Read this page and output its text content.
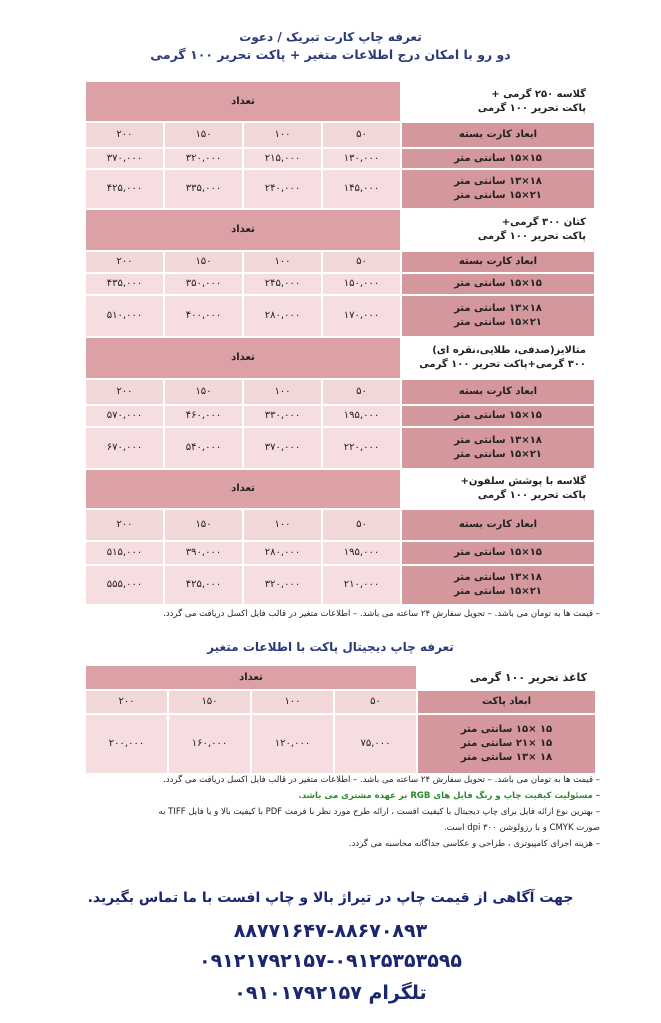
تعرفه چاپ کارت تبریک / دعوت
دو رو با امکان درج اطلاعات متغیر + پاکت تحریر ۱۰۰ گرمی
گلاسه ۲۵۰ گرمی +
پاکت تحریر ۱۰۰ گرمی	تعداد			
ابعاد کارت بسته	۵۰	۱۰۰	۱۵۰	۲۰۰
۱۵×۱۵ سانتی متر	۱۳۰,۰۰۰	۲۱۵,۰۰۰	۳۲۰,۰۰۰	۳۷۰,۰۰۰

۱۸×۱۳ سانتی متر
۲۱×۱۵ سانتی متر	۱۴۵,۰۰۰	۲۴۰,۰۰۰	۳۳۵,۰۰۰	۴۲۵,۰۰۰
کتان ۳۰۰ گرمی+
پاکت تحریر ۱۰۰ گرمی	تعداد			
ابعاد کارت بسته	۵۰	۱۰۰	۱۵۰	۲۰۰
۱۵×۱۵ سانتی متر	۱۵۰,۰۰۰	۲۴۵,۰۰۰	۳۵۰,۰۰۰	۴۳۵,۰۰۰

۱۸×۱۳ سانتی متر
۲۱×۱۵ سانتی متر	۱۷۰,۰۰۰	۲۸۰,۰۰۰	۴۰۰,۰۰۰	۵۱۰,۰۰۰
متالایز(صدفی، طلایی،نقره ای)
۳۰۰ گرمی+پاکت تحریر ۱۰۰ گرمی	تعداد			
ابعاد کارت بسته	۵۰	۱۰۰	۱۵۰	۲۰۰
۱۵×۱۵ سانتی متر	۱۹۵,۰۰۰	۳۳۰,۰۰۰	۴۶۰,۰۰۰	۵۷۰,۰۰۰

۱۸×۱۳ سانتی متر
۲۱×۱۵ سانتی متر	۲۲۰,۰۰۰	۳۷۰,۰۰۰	۵۴۰,۰۰۰	۶۷۰,۰۰۰
گلاسه با پوشش سلفون+
پاکت تحریر ۱۰۰ گرمی	تعداد			
ابعاد کارت بسته	۵۰	۱۰۰	۱۵۰	۲۰۰
۱۵×۱۵ سانتی متر	۱۹۵,۰۰۰	۲۸۰,۰۰۰	۳۹۰,۰۰۰	۵۱۵,۰۰۰

۱۸×۱۳ سانتی متر
۲۱×۱۵ سانتی متر	۲۱۰,۰۰۰	۳۲۰,۰۰۰	۴۲۵,۰۰۰	۵۵۵,۰۰۰
– قیمت ها به تومان می باشد. – تحویل سفارش ۲۴ ساعته می باشد. – اطلاعات متغیر در قالب فایل اکسل دریافت می گردد.
تعرفه چاپ دیجیتال پاکت با اطلاعات متغیر
کاغذ تحریر ۱۰۰ گرمی	تعداد			
ابعاد پاکت	۵۰	۱۰۰	۱۵۰	۲۰۰

۱۵ ×۱۵ سانتی متر
۱۵ ×۲۱ سانتی متر
۱۸ ×۱۳ سانتی متر	۷۵,۰۰۰	۱۲۰,۰۰۰	۱۶۰,۰۰۰	۲۰۰,۰۰۰
– قیمت ها به تومان می باشد. – تحویل سفارش ۲۴ ساعته می باشد. – اطلاعات متغیر در قالب فایل اکسل دریافت می گردد.
– مسئولیت کیفیت چاپ و رنگ فایل های RGB بر عهده مشتری می باشد.
– بهترین نوع ارائه فایل برای چاپ دیجیتال با کیفیت افست ، ارائه طرح مورد نظر با فرمت PDF با کیفیت بالا و یا فایل TIFF به
صورت CMYK و با رزولوشن dpi ۳۰۰ است.
– هزینه اجرای کامپیوتری ، طراحی و عکاسی جداگانه محاسبه می گردد.
جهت آگاهی از قیمت چاپ در تیراژ بالا و چاپ افست با ما تماس بگیرید.
۸۸۷۷۱۶۴۷-۸۸۶۷۰۸۹۳
۰۹۱۲۱۷۹۲۱۵۷-۰۹۱۲۵۳۵۳۵۹۵
تلگرام ۰۹۱۰۱۷۹۲۱۵۷
